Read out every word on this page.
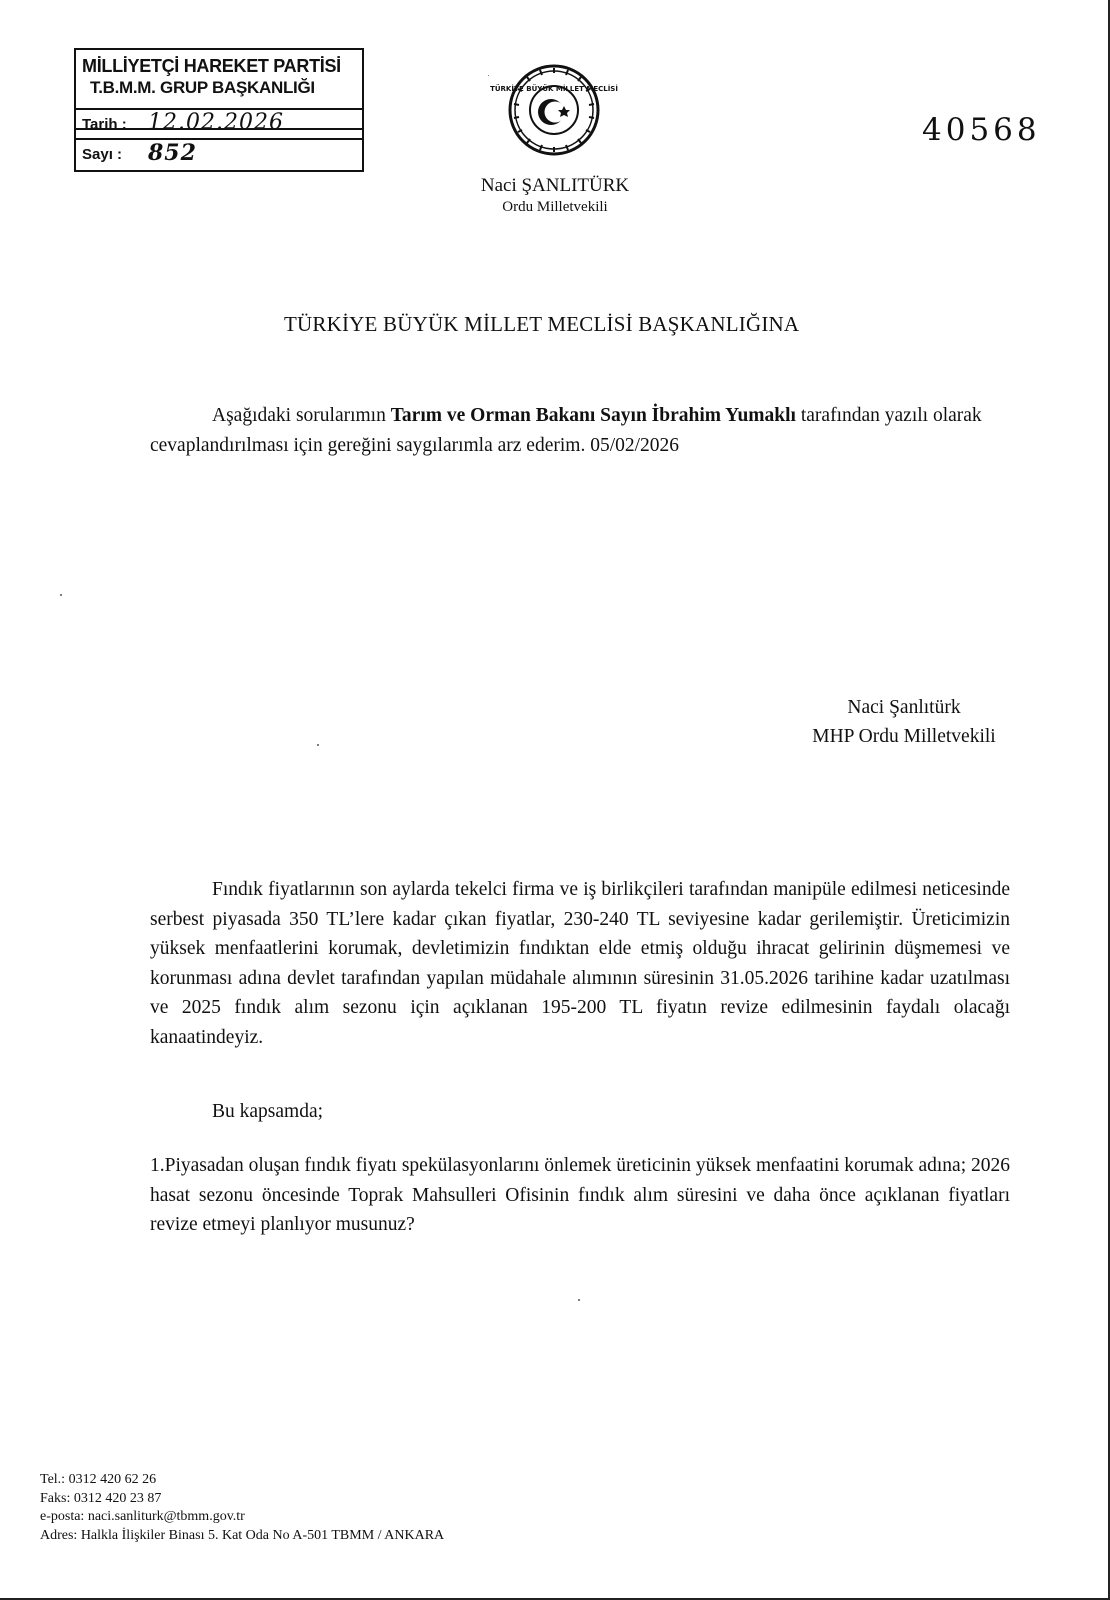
MİLLİYETÇİ HAREKET PARTİSİ
T.B.M.M. GRUP BAŞKANLIĞI
Tarih : 12.02.2026
Sayı : 852
TÜRKİYE BÜYÜK MİLLET MECLİSİ
40568
Naci ŞANLITÜRK
Ordu Milletvekili
TÜRKİYE BÜYÜK MİLLET MECLİSİ BAŞKANLIĞINA
Aşağıdaki sorularımın Tarım ve Orman Bakanı Sayın İbrahim Yumaklı tarafından yazılı olarak cevaplandırılması için gereğini saygılarımla arz ederim. 05/02/2026
Naci Şanlıtürk
MHP Ordu Milletvekili
Fındık fiyatlarının son aylarda tekelci firma ve iş birlikçileri tarafından manipüle edilmesi neticesinde serbest piyasada 350 TL’lere kadar çıkan fiyatlar, 230-240 TL seviyesine kadar gerilemiştir. Üreticimizin yüksek menfaatlerini korumak, devletimizin fındıktan elde etmiş olduğu ihracat gelirinin düşmemesi ve korunması adına devlet tarafından yapılan müdahale alımının süresinin 31.05.2026 tarihine kadar uzatılması ve 2025 fındık alım sezonu için açıklanan 195-200 TL fiyatın revize edilmesinin faydalı olacağı kanaatindeyiz.
Bu kapsamda;
1.Piyasadan oluşan fındık fiyatı spekülasyonlarını önlemek üreticinin yüksek menfaatini korumak adına; 2026 hasat sezonu öncesinde Toprak Mahsulleri Ofisinin fındık alım süresini ve daha önce açıklanan fiyatları revize etmeyi planlıyor musunuz?
Tel.: 0312 420 62 26
Faks: 0312 420 23 87
e-posta: naci.sanliturk@tbmm.gov.tr
Adres: Halkla İlişkiler Binası 5. Kat Oda No A-501 TBMM / ANKARA
